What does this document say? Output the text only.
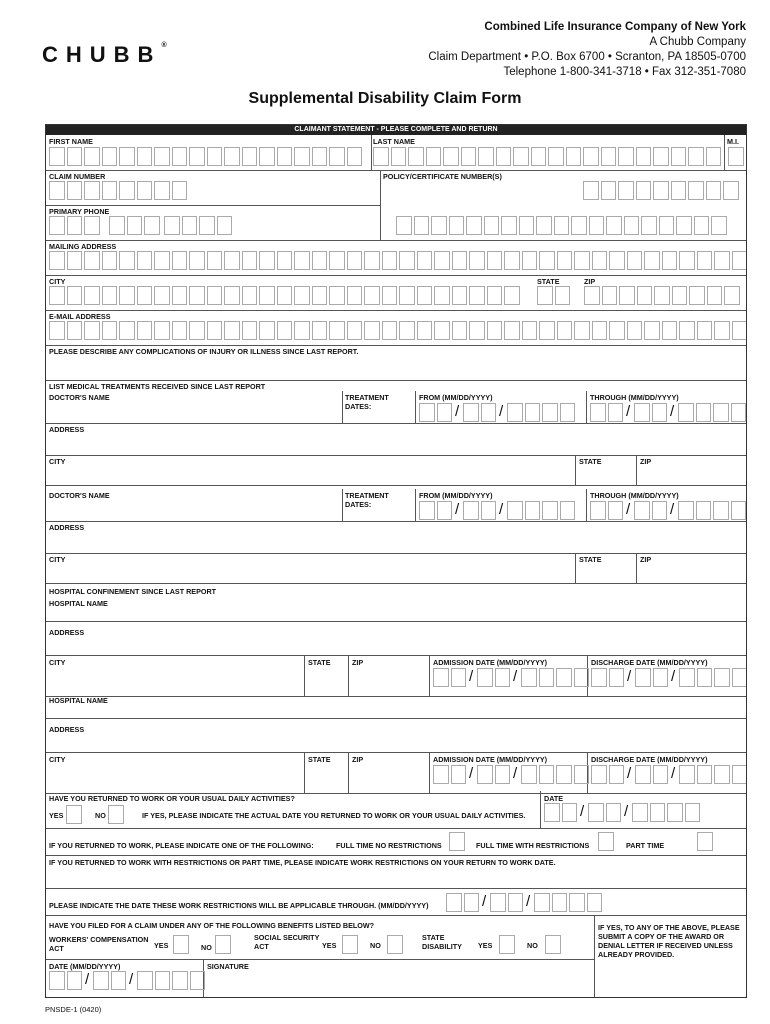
Combined Life Insurance Company of New York
A Chubb Company
Claim Department • P.O. Box 6700 • Scranton, PA 18505-0700
Telephone 1-800-341-3718 • Fax 312-351-7080
CHUBB®
Supplemental Disability Claim Form
CLAIMANT STATEMENT - PLEASE COMPLETE AND RETURN
FIRST NAME	LAST NAME	M.I.
CLAIM NUMBER	POLICY/CERTIFICATE NUMBER(S)
PRIMARY PHONE
MAILING ADDRESS
CITY	STATE	ZIP
E-MAIL ADDRESS
PLEASE DESCRIBE ANY COMPLICATIONS OF INJURY OR ILLNESS SINCE LAST REPORT.
LIST MEDICAL TREATMENTS RECEIVED SINCE LAST REPORT
DOCTOR'S NAME	TREATMENT DATES:
FROM (MM/DD/YYYY)	THROUGH (MM/DD/YYYY)
/	/	/	/
ADDRESS
CITY	STATE	ZIP
DOCTOR'S NAME	TREATMENT DATES:
FROM (MM/DD/YYYY)	THROUGH (MM/DD/YYYY)
/	/	/	/
ADDRESS
CITY	STATE	ZIP
HOSPITAL CONFINEMENT SINCE LAST REPORT
HOSPITAL NAME
ADDRESS
CITY	STATE	ZIP	ADMISSION DATE (MM/DD/YYYY)	DISCHARGE DATE (MM/DD/YYYY)
/	/	/	/
HOSPITAL NAME
ADDRESS
CITY	STATE	ZIP	ADMISSION DATE (MM/DD/YYYY)	DISCHARGE DATE (MM/DD/YYYY)
/	/	/	/
HAVE YOU RETURNED TO WORK OR YOUR USUAL DAILY ACTIVITIES?	DATE
YES	NO	IF YES, PLEASE INDICATE THE ACTUAL DATE YOU RETURNED TO WORK OR YOUR USUAL DAILY ACTIVITIES.	/	/
IF YOU RETURNED TO WORK, PLEASE INDICATE ONE OF THE FOLLOWING:	FULL TIME NO RESTRICTIONS	FULL TIME WITH RESTRICTIONS	PART TIME
IF YOU RETURNED TO WORK WITH RESTRICTIONS OR PART TIME, PLEASE INDICATE WORK RESTRICTIONS ON YOUR RETURN TO WORK DATE.
PLEASE INDICATE THE DATE THESE WORK RESTRICTIONS WILL BE APPLICABLE THROUGH. (MM/DD/YYYY)	/	/
HAVE YOU FILED FOR A CLAIM UNDER ANY OF THE FOLLOWING BENEFITS LISTED BELOW?
WORKERS' COMPENSATION ACT	YES	NO
SOCIAL SECURITY ACT	YES	NO
STATE DISABILITY	YES	NO
IF YES, TO ANY OF THE ABOVE, PLEASE SUBMIT A COPY OF THE AWARD OR DENIAL LETTER IF RECEIVED UNLESS ALREADY PROVIDED.
DATE (MM/DD/YYYY)	SIGNATURE
/	/
PNSDE-1 (0420)
